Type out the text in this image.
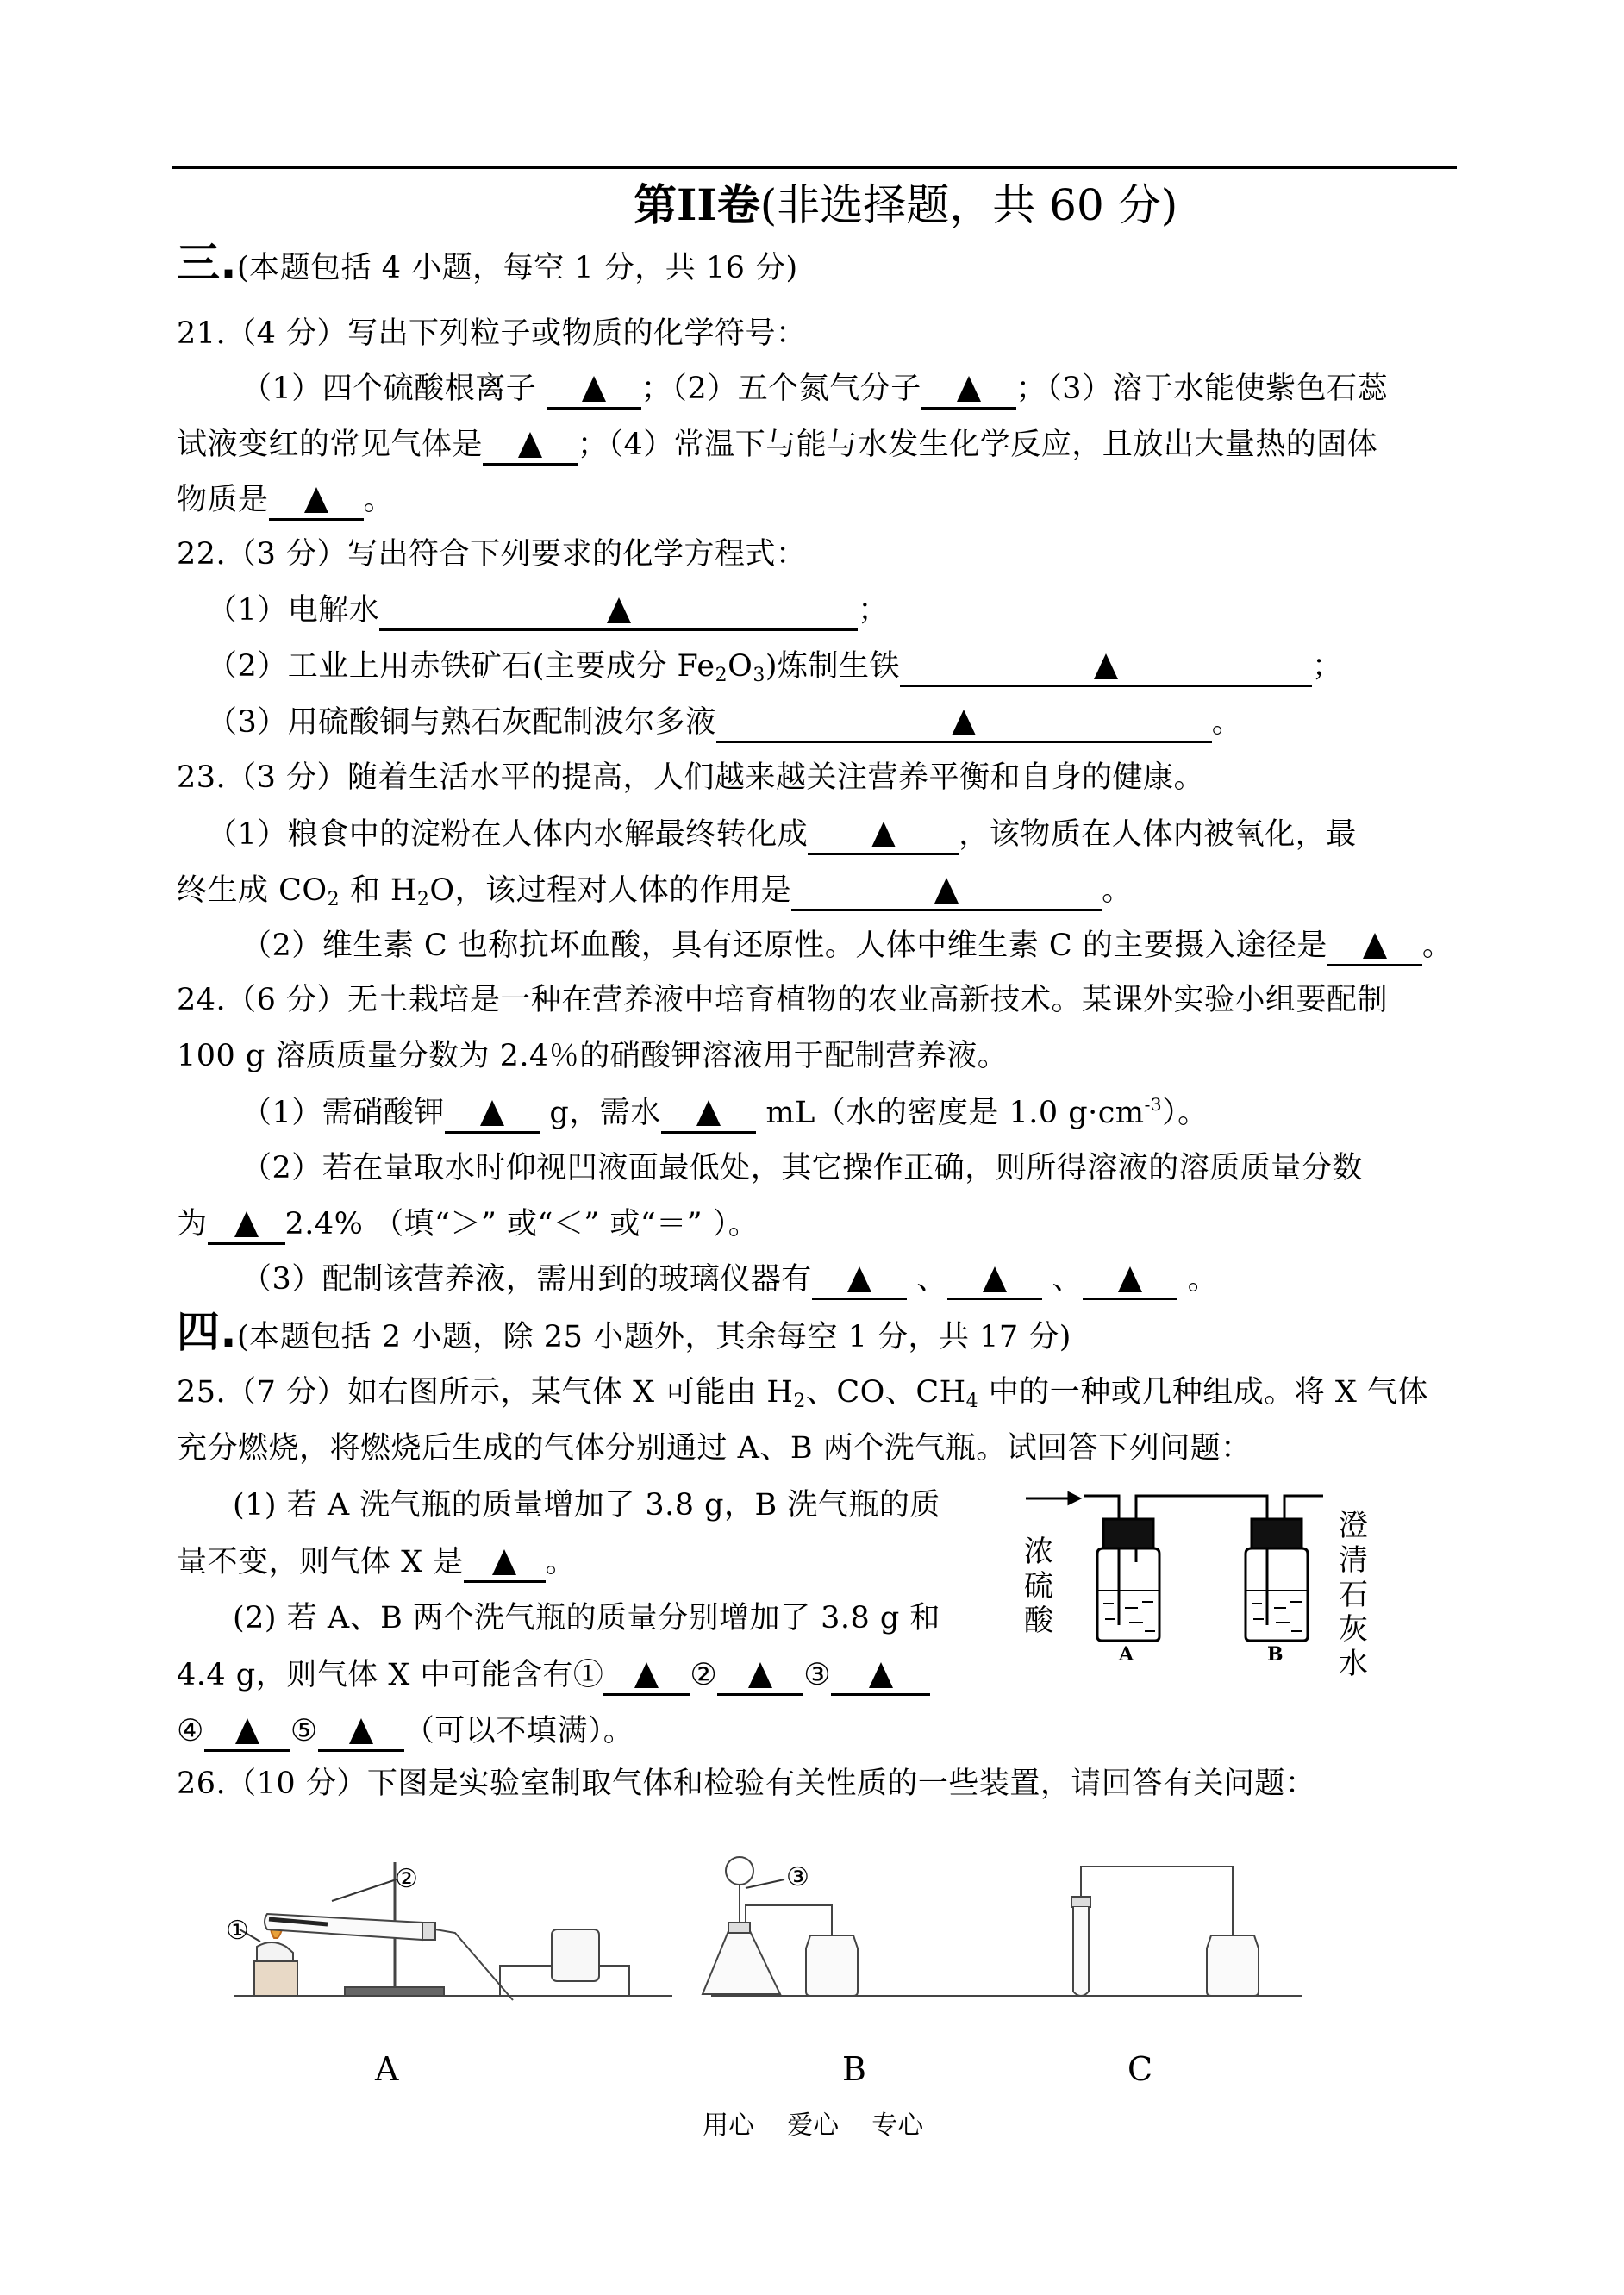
第II卷(非选择题，共 60 分)
三.(本题包括 4 小题，每空 1 分，共 16 分)
21.（4 分）写出下列粒子或物质的化学符号：
（1）四个硫酸根离子	；（2）五个氮气分子	；（3）溶于水能使紫色石蕊
试液变红的常见气体是	；（4）常温下与能与水发生化学反应，且放出大量热的固体
物质是	。
22.（3 分）写出符合下列要求的化学方程式：
（1）电解水	；
（2）工业上用赤铁矿石(主要成分 $Fe_2O_3$)炼制生铁	；
（3）用硫酸铜与熟石灰配制波尔多液	。
23.（3 分）随着生活水平的提高，人们越来越关注营养平衡和自身的健康。
（1）粮食中的淀粉在人体内水解最终转化成	，该物质在人体内被氧化，最
终生成 $CO_2$ 和 $H_2O$，该过程对人体的作用是	。
（2）维生素 C 也称抗坏血酸，具有还原性。人体中维生素 C 的主要摄入途径是	。
24.（6 分）无土栽培是一种在营养液中培育植物的农业高新技术。某课外实验小组要配制
100 g 溶质质量分数为 2.4％的硝酸钾溶液用于配制营养液。
（1）需硝酸钾	g，需水	mL（水的密度是 1.0 $g\cdot cm^{-3}$）。
（2）若在量取水时仰视凹液面最低处，其它操作正确，则所得溶液的溶质质量分数
为	2.4% （填“＞” 或“＜” 或“＝” ）。
（3）配制该营养液，需用到的玻璃仪器有	、	、	。
四.(本题包括 2 小题，除 25 小题外，其余每空 1 分，共 17 分)
25.（7 分）如右图所示，某气体 X 可能由 $H_2$、CO、$CH_4$ 中的一种或几种组成。将 X 气体
充分燃烧，将燃烧后生成的气体分别通过 A、B 两个洗气瓶。试回答下列问题：
(1) 若 A 洗气瓶的质量增加了 3.8 g，B 洗气瓶的质
量不变，则气体 X 是	。
(2) 若 A、B 两个洗气瓶的质量分别增加了 3.8 g 和
4.4 g，则气体 X 中可能含有①	②	③
④	⑤	（可以不填满）。
浓
硫
酸
澄
清
石
灰
水
A	B
26.（10 分）下图是实验室制取气体和检验有关性质的一些装置，请回答有关问题：
①
②	③
A	B	C
用心    爱心    专心
